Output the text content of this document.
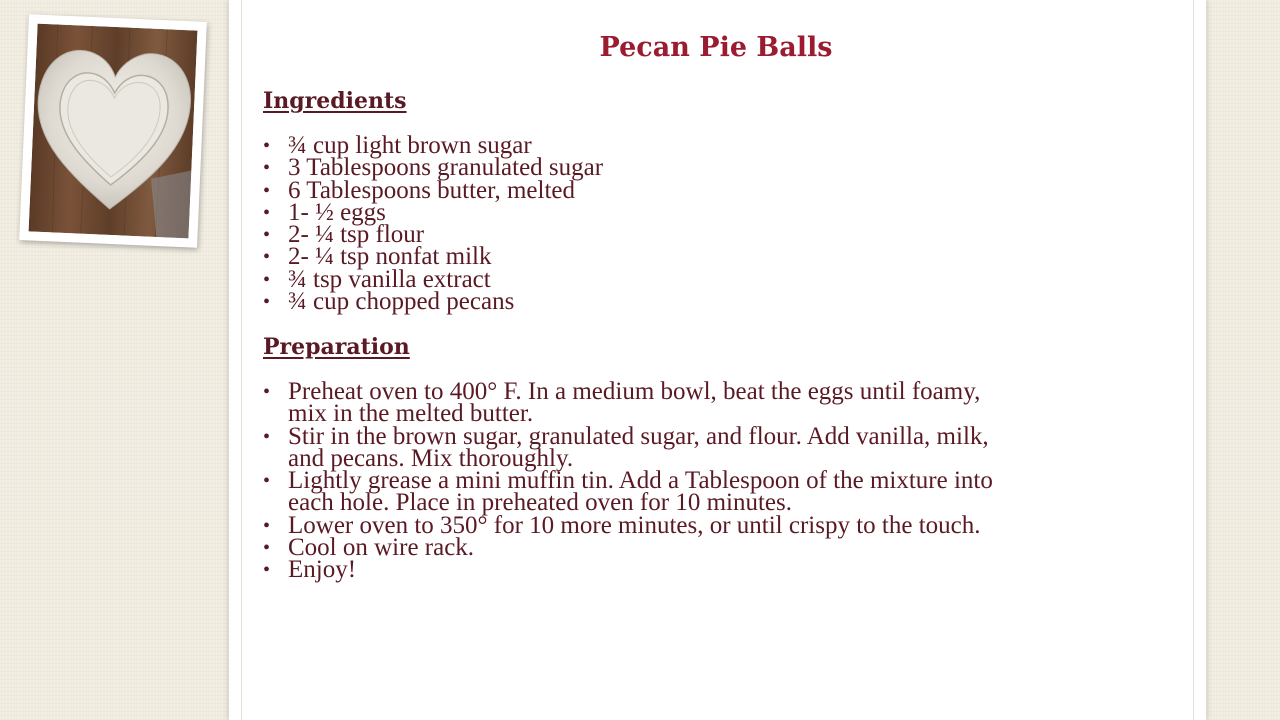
Pecan Pie Balls
Ingredients
• ¾ cup light brown sugar
• 3 Tablespoons granulated sugar
• 6 Tablespoons butter, melted
• 1- ½ eggs
• 2- ¼ tsp flour
• 2- ¼ tsp nonfat milk
• ¾ tsp vanilla extract
• ¾ cup chopped pecans
Preparation
• Preheat oven to 400° F. In a medium bowl, beat the eggs until foamy, mix in the melted butter.
• Stir in the brown sugar, granulated sugar, and flour. Add vanilla, milk, and pecans. Mix thoroughly.
• Lightly grease a mini muffin tin. Add a Tablespoon of the mixture into each hole. Place in preheated oven for 10 minutes.
• Lower oven to 350° for 10 more minutes, or until crispy to the touch.
• Cool on wire rack.
• Enjoy!
